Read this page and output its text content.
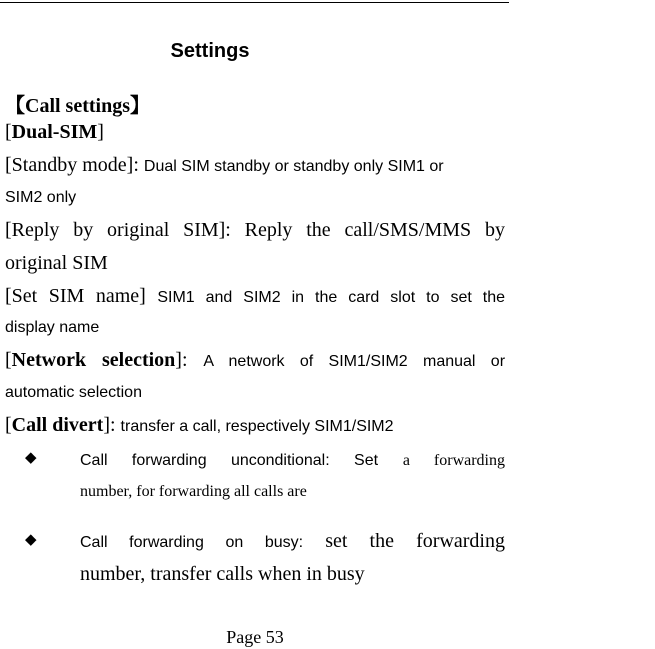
Settings
【Call settings】
[Dual-SIM]
[Standby mode]: Dual SIM standby or standby only SIM1 or
SIM2 only
[Reply by original SIM]: Reply the call/SMS/MMS by
original SIM
[Set SIM name] SIM1 and SIM2 in the card slot to set the
display name
[Network selection]: A network of SIM1/SIM2 manual or
automatic selection
[Call divert]: transfer a call, respectively SIM1/SIM2
◆	Call forwarding unconditional: Set a forwarding
number, for forwarding all calls are
◆	Call forwarding on busy: set the forwarding
number, transfer calls when in busy
Page 53
